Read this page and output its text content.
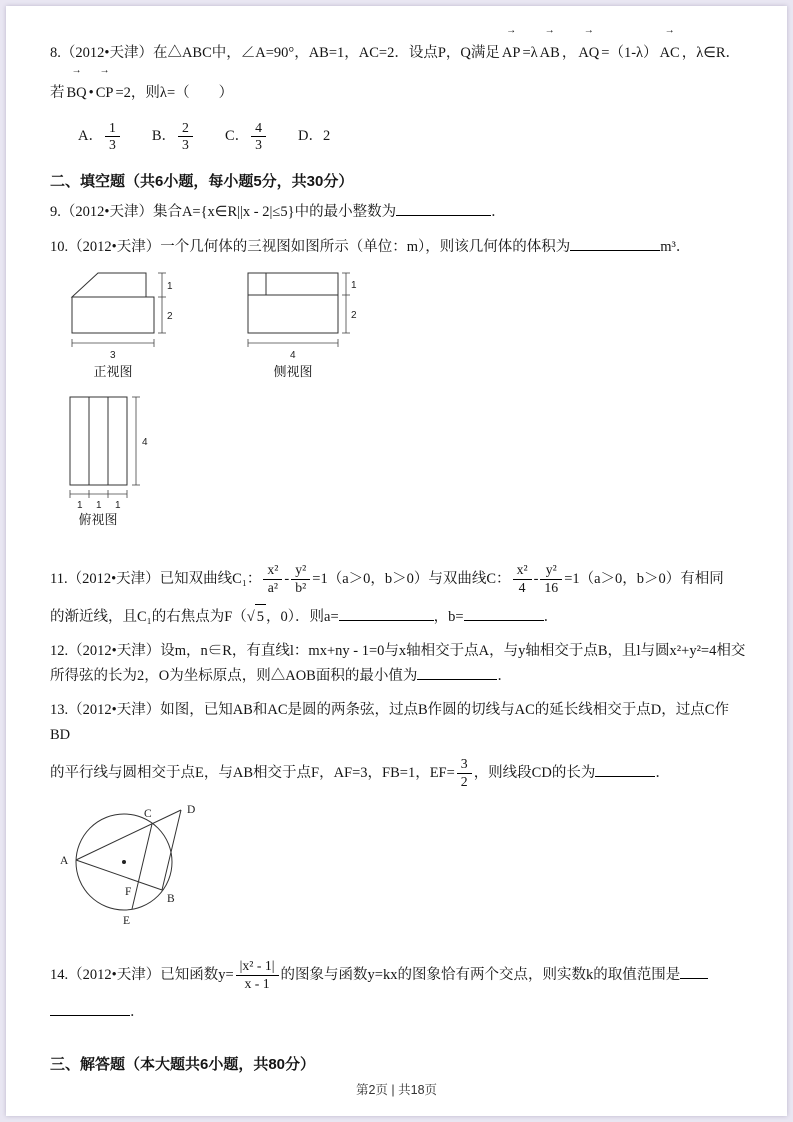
8.（2012•天津）在△ABC中，∠A=90°，AB=1，AC=2．设点P，Q满足 → AP =λ → AB ， → AQ =（1-λ） → AC ，λ∈R．
若 → BQ • → CP =2，则λ=（　　）
A． $\frac{1}{3}$ B． $\frac{2}{3}$ C． $\frac{4}{3}$ D．2
二、填空题（共6小题，每小题5分，共30分）
9.（2012•天津）集合A={x∈R||x - 2|≤5}中的最小整数为	．
10.（2012•天津）一个几何体的三视图如图所示（单位：m），则该几何体的体积为	m³．
1
2
3
正视图
1
2
4
侧视图
4
1 1 1
俯视图
11.（2012•天津）已知双曲线C₁： $\frac{\text{x²}}{\text{a²}} - \frac{\text{y²}}{\text{b²}} =1(a>0$，b＞0）与双曲线C： $\frac{\text{x²}}{4} - \frac{\text{y²}}{16} =1(a>0$，b＞0）有相同
的渐近线，且C₁的右焦点为F（√ 5 ，0）．则a=	，b=	．
12.（2012•天津）设m，n∈R，有直线l：mx+ny - 1=0与x轴相交于点A，与y轴相交于点B，且l与圆x²+y²=4相交所得弦的长为2，O为坐标原点，则△AOB面积的最小值为	．
13.（2012•天津）如图，已知AB和AC是圆的两条弦，过点B作圆的切线与AC的延长线相交于点D，过点C作BD
的平行线与圆相交于点E，与AB相交于点F，AF=3，FB=1，$EF= \frac{3}{2}$ ，则线段CD的长为	．
A
B
C	D
E
F
14.（2012•天津）已知函数$y= \frac{\text{|x² - 1|}}{x - 1}$ 的图象与函数y=kx的图象恰有两个交点，则实数k的取值范围是
．
三、解答题（本大题共6小题，共80分）
第2页 | 共18页
